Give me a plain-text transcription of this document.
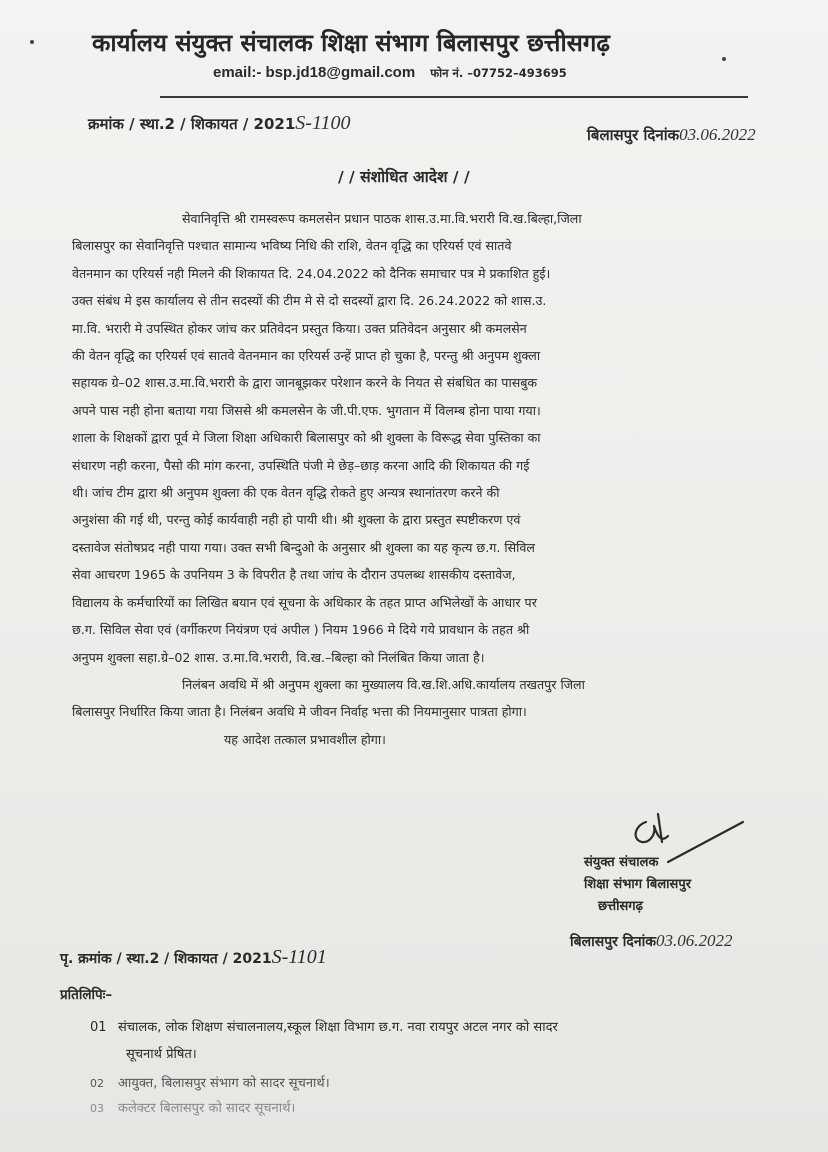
कार्यालय संयुक्त संचालक शिक्षा संभाग बिलासपुर छत्तीसगढ़
email:- bsp.jd18@gmail.com फोन नं. –07752–493695
क्रमांक / स्था.2 / शिकायत / 2021S-1100
बिलासपुर दिनांक03.06.2022
/ / संशोधित आदेश / /
सेवानिवृत्ति श्री रामस्वरूप कमलसेन प्रधान पाठक शास.उ.मा.वि.भरारी वि.ख.बिल्हा,जिला
बिलासपुर का सेवानिवृत्ति पश्चात सामान्य भविष्य निधि की राशि, वेतन वृद्धि का एरियर्स एवं सातवे
वेतनमान का एरियर्स नही मिलने की शिकायत दि. 24.04.2022 को दैनिक समाचार पत्र मे प्रकाशित हुई।
उक्त संबंध मे इस कार्यालय से तीन सदस्यों की टीम मे से दो सदस्यों द्वारा दि. 26.24.2022 को शास.उ.
मा.वि. भरारी मे उपस्थित होकर जांच कर प्रतिवेदन प्रस्तुत किया। उक्त प्रतिवेदन अनुसार श्री कमलसेन
की वेतन वृद्धि का एरियर्स एवं सातवे वेतनमान का एरियर्स उन्हें प्राप्त हो चुका है, परन्तु श्री अनुपम शुक्ला
सहायक ग्रे–02 शास.उ.मा.वि.भरारी के द्वारा जानबूझकर परेशान करने के नियत से संबधित का पासबुक
अपने पास नही होना बताया गया जिससे श्री कमलसेन के जी.पी.एफ. भुगतान में विलम्ब होना पाया गया।
शाला के शिक्षकों द्वारा पूर्व मे जिला शिक्षा अधिकारी बिलासपुर को श्री शुक्ला के विरूद्ध सेवा पुस्तिका का
संधारण नही करना, पैसो की मांग करना, उपस्थिति पंजी मे छेड़–छाड़ करना आदि की शिकायत की गई
थी। जांच टीम द्वारा श्री अनुपम शुक्ला की एक वेतन वृद्धि रोकते हुए अन्यत्र स्थानांतरण करने की
अनुशंसा की गई थी, परन्तु कोई कार्यवाही नही हो पायी थी। श्री शुक्ला के द्वारा प्रस्तुत स्पष्टीकरण एवं
दस्तावेज संतोषप्रद नही पाया गया। उक्त सभी बिन्दुओ के अनुसार श्री शुक्ला का यह कृत्य छ.ग. सिविल
सेवा आचरण 1965 के उपनियम 3 के विपरीत है तथा जांच के दौरान उपलब्ध शासकीय दस्तावेज,
विद्यालय के कर्मचारियों का लिखित बयान एवं सूचना के अधिकार के तहत प्राप्त अभिलेखों के आधार पर
छ.ग. सिविल सेवा एवं (वर्गीकरण नियंत्रण एवं अपील ) नियम 1966 मे दिये गये प्रावधान के तहत श्री
अनुपम शुक्ला सहा.ग्रे–02 शास. उ.मा.वि.भरारी, वि.ख.–बिल्हा को निलंबित किया जाता है।
निलंबन अवधि में श्री अनुपम शुक्ला का मुख्यालय वि.ख.शि.अधि.कार्यालय तखतपुर जिला
बिलासपुर निर्धारित किया जाता है। निलंबन अवधि मे जीवन निर्वाह भत्ता की नियमानुसार पात्रता होगा।
यह आदेश तत्काल प्रभावशील होगा।
संयुक्त संचालक
शिक्षा संभाग बिलासपुर
छत्तीसगढ़
बिलासपुर दिनांक03.06.2022
पृ. क्रमांक / स्था.2 / शिकायत / 2021S-1101
प्रतिलिपिः–
01 संचालक, लोक शिक्षण संचालनालय,स्कूल शिक्षा विभाग छ.ग. नवा रायपुर अटल नगर को सादर
सूचनार्थ प्रेषित।
02 आयुक्त, बिलासपुर संभाग को सादर सूचनार्थ।
03 कलेक्टर बिलासपुर को सादर सूचनार्थ।
